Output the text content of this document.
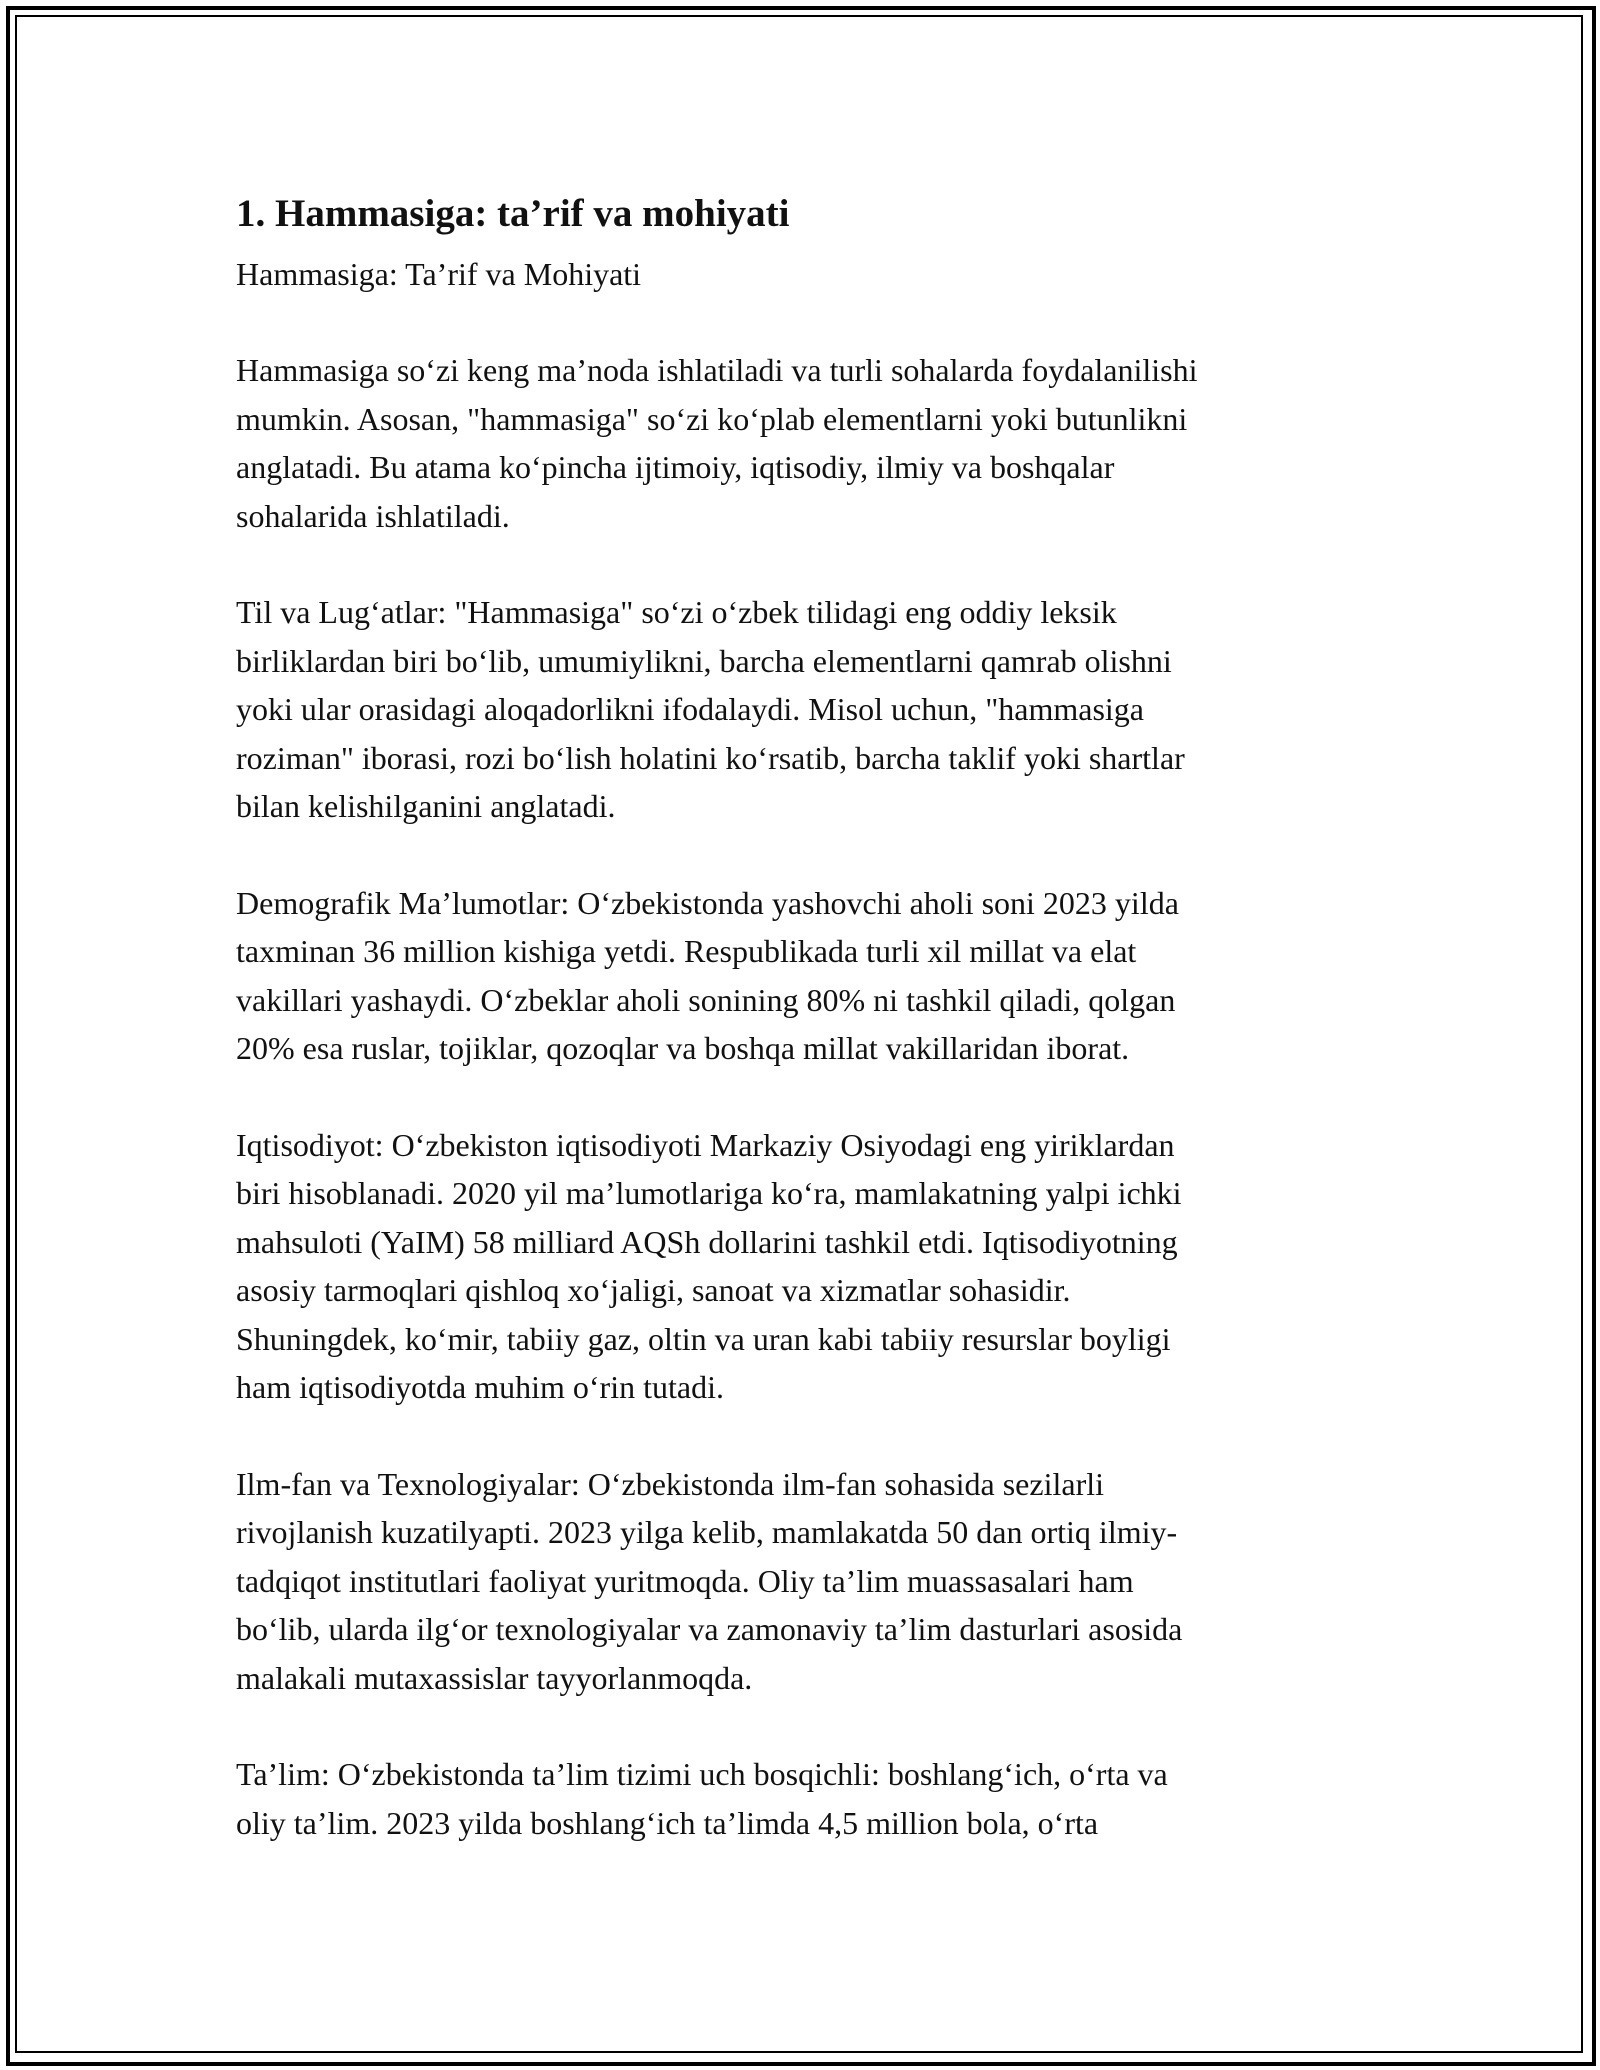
1. Hammasiga: ta’rif va mohiyati
Hammasiga: Ta’rif va Mohiyati

Hammasiga so‘zi keng ma’noda ishlatiladi va turli sohalarda foydalanilishi
mumkin. Asosan, "hammasiga" so‘zi ko‘plab elementlarni yoki butunlikni
anglatadi. Bu atama ko‘pincha ijtimoiy, iqtisodiy, ilmiy va boshqalar
sohalarida ishlatiladi.

Til va Lug‘atlar: "Hammasiga" so‘zi o‘zbek tilidagi eng oddiy leksik
birliklardan biri bo‘lib, umumiylikni, barcha elementlarni qamrab olishni
yoki ular orasidagi aloqadorlikni ifodalaydi. Misol uchun, "hammasiga
roziman" iborasi, rozi bo‘lish holatini ko‘rsatib, barcha taklif yoki shartlar
bilan kelishilganini anglatadi.

Demografik Ma’lumotlar: O‘zbekistonda yashovchi aholi soni 2023 yilda
taxminan 36 million kishiga yetdi. Respublikada turli xil millat va elat
vakillari yashaydi. O‘zbeklar aholi sonining 80% ni tashkil qiladi, qolgan
20% esa ruslar, tojiklar, qozoqlar va boshqa millat vakillaridan iborat.

Iqtisodiyot: O‘zbekiston iqtisodiyoti Markaziy Osiyodagi eng yiriklardan
biri hisoblanadi. 2020 yil ma’lumotlariga ko‘ra, mamlakatning yalpi ichki
mahsuloti (YaIM) 58 milliard AQSh dollarini tashkil etdi. Iqtisodiyotning
asosiy tarmoqlari qishloq xo‘jaligi, sanoat va xizmatlar sohasidir.
Shuningdek, ko‘mir, tabiiy gaz, oltin va uran kabi tabiiy resurslar boyligi
ham iqtisodiyotda muhim o‘rin tutadi.

Ilm-fan va Texnologiyalar: O‘zbekistonda ilm-fan sohasida sezilarli
rivojlanish kuzatilyapti. 2023 yilga kelib, mamlakatda 50 dan ortiq ilmiy-
tadqiqot institutlari faoliyat yuritmoqda. Oliy ta’lim muassasalari ham
bo‘lib, ularda ilg‘or texnologiyalar va zamonaviy ta’lim dasturlari asosida
malakali mutaxassislar tayyorlanmoqda.

Ta’lim: O‘zbekistonda ta’lim tizimi uch bosqichli: boshlang‘ich, o‘rta va
oliy ta’lim. 2023 yilda boshlang‘ich ta’limda 4,5 million bola, o‘rta
